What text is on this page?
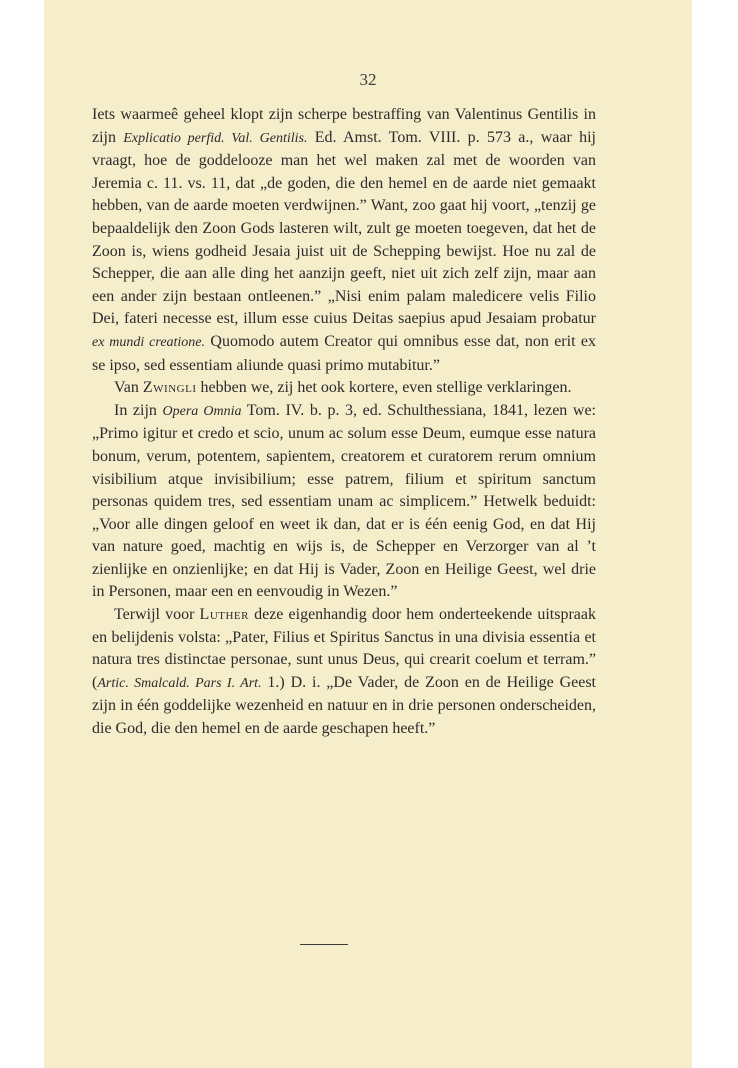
32

Iets waarmeê geheel klopt zijn scherpe bestraffing van Valentinus Gentilis in zijn Explicatio perfid. Val. Gentilis. Ed. Amst. Tom. VIII. p. 573 a., waar hij vraagt, hoe de goddelooze man het wel maken zal met de woorden van Jeremia c. 11. vs. 11, dat „de goden, die den hemel en de aarde niet gemaakt hebben, van de aarde moeten verdwijnen.” Want, zoo gaat hij voort, „tenzij ge bepaaldelijk den Zoon Gods lasteren wilt, zult ge moeten toegeven, dat het de Zoon is, wiens godheid Jesaia juist uit de Schepping bewijst. Hoe nu zal de Schepper, die aan alle ding het aanzijn geeft, niet uit zich zelf zijn, maar aan een ander zijn bestaan ontleenen.” „Nisi enim palam maledicere velis Filio Dei, fateri necesse est, illum esse cuius Deitas saepius apud Jesaiam probatur ex mundi creatione. Quomodo autem Creator qui omnibus esse dat, non erit ex se ipso, sed essentiam aliunde quasi primo mutabitur.”

Van Zwingli hebben we, zij het ook kortere, even stellige verklaringen.

In zijn Opera Omnia Tom. IV. b. p. 3, ed. Schulthessiana, 1841, lezen we: „Primo igitur et credo et scio, unum ac solum esse Deum, eumque esse natura bonum, verum, potentem, sapientem, creatorem et curatorem rerum omnium visibilium atque invisibilium; esse patrem, filium et spiritum sanctum personas quidem tres, sed essentiam unam ac simplicem.” Hetwelk beduidt: „Voor alle dingen geloof en weet ik dan, dat er is één eenig God, en dat Hij van nature goed, machtig en wijs is, de Schepper en Verzorger van al ’t zienlijke en onzienlijke; en dat Hij is Vader, Zoon en Heilige Geest, wel drie in Personen, maar een en eenvoudig in Wezen.”

Terwijl voor Luther deze eigenhandig door hem onderteekende uitspraak en belijdenis volsta: „Pater, Filius et Spiritus Sanctus in una divisia essentia et natura tres distinctae personae, sunt unus Deus, qui crearit coelum et terram.” (Artic. Smalcald. Pars I. Art. 1.) D. i. „De Vader, de Zoon en de Heilige Geest zijn in één goddelijke wezenheid en natuur en in drie personen onderscheiden, die God, die den hemel en de aarde geschapen heeft.”
